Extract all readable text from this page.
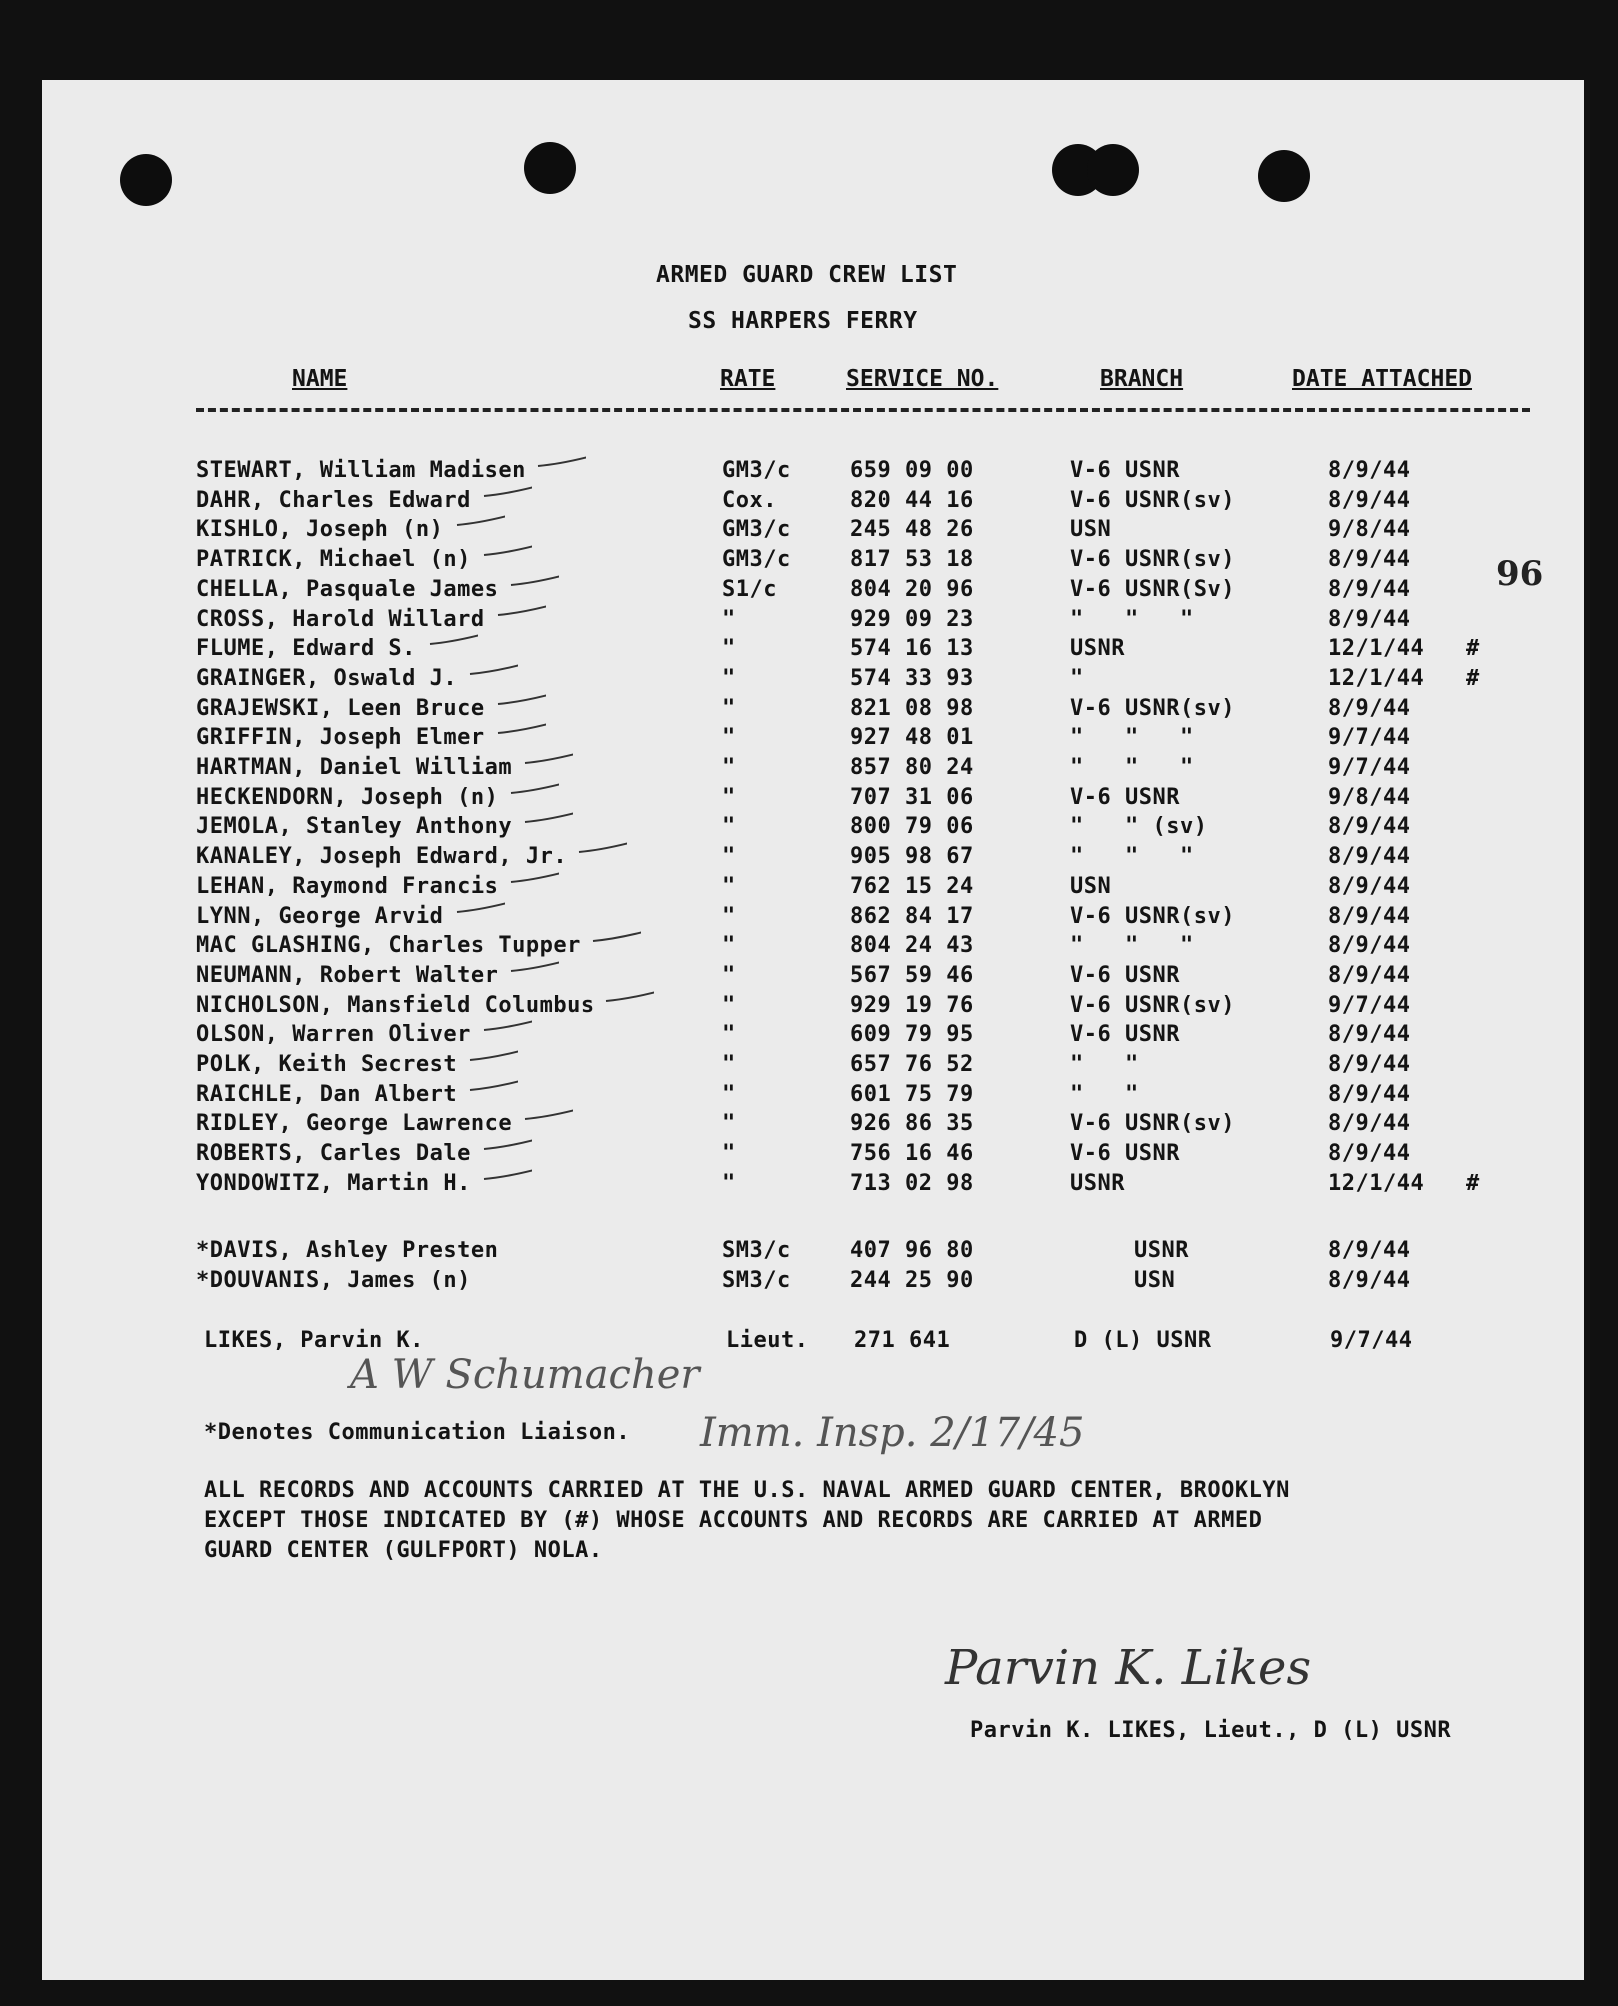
ARMED GUARD CREW LIST
SS HARPERS FERRY
96
NAME	RATE	SERVICE NO.	BRANCH	DATE ATTACHED
STEWART, William Madisen	GM3/c	659 09 00	V-6 USNR	8/9/44
DAHR, Charles Edward	Cox.	820 44 16	V-6 USNR(sv)	8/9/44
KISHLO, Joseph (n)	GM3/c	245 48 26	USN	9/8/44
PATRICK, Michael (n)	GM3/c	817 53 18	V-6 USNR(sv)	8/9/44
CHELLA, Pasquale James	S1/c	804 20 96	V-6 USNR(Sv)	8/9/44
CROSS, Harold Willard	"	929 09 23	"   "   "	8/9/44
FLUME, Edward S.	"	574 16 13	USNR	12/1/44 #
GRAINGER, Oswald J.	"	574 33 93	"	12/1/44 #
GRAJEWSKI, Leen Bruce	"	821 08 98	V-6 USNR(sv)	8/9/44
GRIFFIN, Joseph Elmer	"	927 48 01	"   "   "	9/7/44
HARTMAN, Daniel William	"	857 80 24	"   "   "	9/7/44
HECKENDORN, Joseph (n)	"	707 31 06	V-6 USNR	9/8/44
JEMOLA, Stanley Anthony	"	800 79 06	"   " (sv)	8/9/44
KANALEY, Joseph Edward, Jr.	"	905 98 67	"   "   "	8/9/44
LEHAN, Raymond Francis	"	762 15 24	USN	8/9/44
LYNN, George Arvid	"	862 84 17	V-6 USNR(sv)	8/9/44
MAC GLASHING, Charles Tupper	"	804 24 43	"   "   "	8/9/44
NEUMANN, Robert Walter	"	567 59 46	V-6 USNR	8/9/44
NICHOLSON, Mansfield Columbus	"	929 19 76	V-6 USNR(sv)	9/7/44
OLSON, Warren Oliver	"	609 79 95	V-6 USNR	8/9/44
POLK, Keith Secrest	"	657 76 52	"   "	8/9/44
RAICHLE, Dan Albert	"	601 75 79	"   "	8/9/44
RIDLEY, George Lawrence	"	926 86 35	V-6 USNR(sv)	8/9/44
ROBERTS, Carles Dale	"	756 16 46	V-6 USNR	8/9/44
YONDOWITZ, Martin H.	"	713 02 98	USNR	12/1/44 #
*DAVIS, Ashley Presten	SM3/c	407 96 80	USNR	8/9/44
*DOUVANIS, James (n)	SM3/c	244 25 90	USN	8/9/44
LIKES, Parvin K.	Lieut. 271 641	D (L) USNR	9/7/44
A W Schumacher
*Denotes Communication Liaison. Imm. Insp. 2/17/45
ALL RECORDS AND ACCOUNTS CARRIED AT THE U.S. NAVAL ARMED GUARD CENTER, BROOKLYN
EXCEPT THOSE INDICATED BY (#) WHOSE ACCOUNTS AND RECORDS ARE CARRIED AT ARMED
GUARD CENTER (GULFPORT) NOLA.
Parvin K. Likes
Parvin K. LIKES, Lieut., D (L) USNR
